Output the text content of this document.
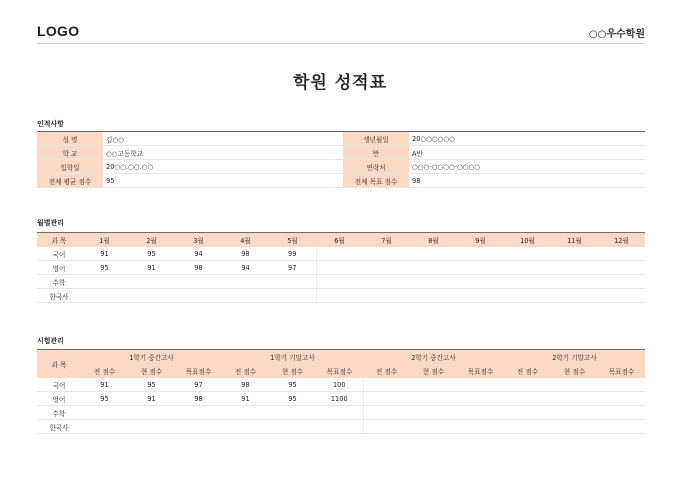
LOGO	○○우수학원
학원 성적표
인적사항
성 명	김○○	생년월일	20○○○○○○
학 교	○○고등학교	반	A반
입학일	20○○.○○.○○	연락처	○○○-○○○○-○○○○
전체 평균 점수	95	전체 목표 점수	98
월별관리
과 목	1월	2월	3월	4월	5월	6월	7월	8월	9월	10월	11월	12월
국어	91	95	94	98	99							
영어	95	91	98	94	97							
수학												
한국사												
시험관리
과 목	1학기 중간고사			1학기 기말고사			2학기 중간고사			2학기 기말고사		
	전 점수	현 점수	목표점수	전 점수	현 점수	목표점수	전 점수	현 점수	목표점수	전 점수	현 점수	목표점수
국어	91	95	97	98	95	100						
영어	95	91	98	91	95	1100						
수학												
한국사												
